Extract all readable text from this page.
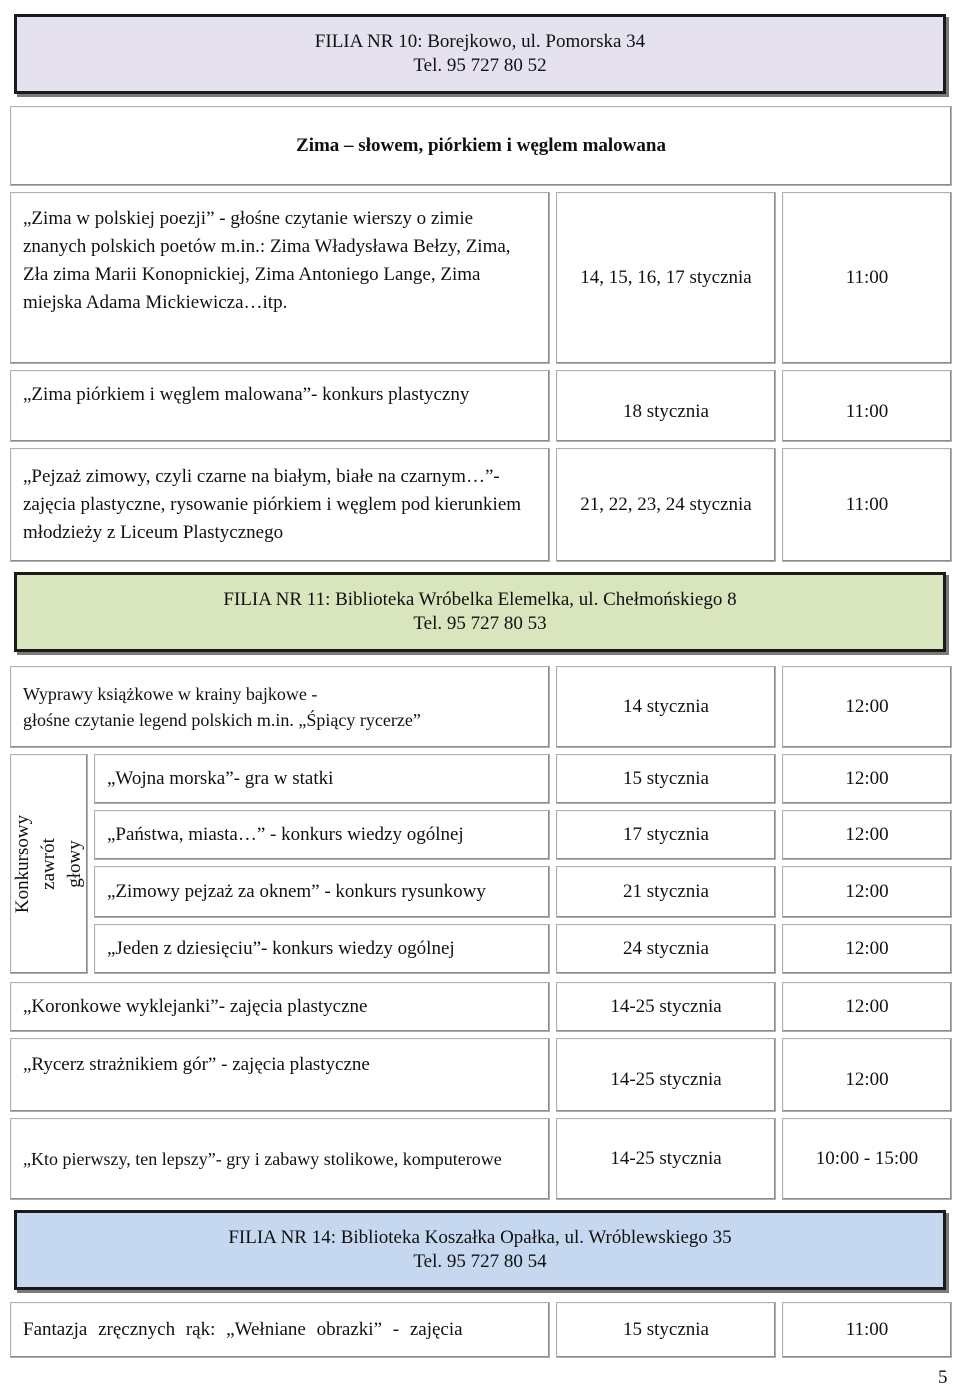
FILIA NR 10: Borejkowo, ul. Pomorska 34
Tel. 95 727 80 52
Zima – słowem, piórkiem i węglem malowana
„Zima w polskiej poezji” - głośne czytanie wierszy o zimie znanych polskich poetów m.in.: Zima Władysława Bełzy, Zima, Zła zima Marii Konopnickiej, Zima Antoniego Lange, Zima miejska Adama Mickiewicza…itp.
14, 15, 16, 17 stycznia	11:00
„Zima piórkiem i węglem malowana”- konkurs plastyczny
18 stycznia	11:00
„Pejzaż zimowy, czyli czarne na białym, białe na czarnym…”- zajęcia plastyczne, rysowanie piórkiem i węglem pod kierunkiem młodzieży z Liceum Plastycznego
21, 22, 23, 24 stycznia	11:00
FILIA NR 11: Biblioteka Wróbelka Elemelka, ul. Chełmońskiego 8
Tel. 95 727 80 53
Wyprawy książkowe w krainy bajkowe -
głośne czytanie legend polskich m.in. „Śpiący rycerze”
14 stycznia	12:00
Konkursowy zawrót głowy
„Wojna morska”- gra w statki	15 stycznia	12:00
„Państwa, miasta…” - konkurs wiedzy ogólnej	17 stycznia	12:00
„Zimowy pejzaż za oknem” - konkurs rysunkowy	21 stycznia	12:00
„Jeden z dziesięciu”- konkurs wiedzy ogólnej	24 stycznia	12:00
„Koronkowe wyklejanki”- zajęcia plastyczne	14-25 stycznia	12:00
„Rycerz strażnikiem gór” - zajęcia plastyczne
14-25 stycznia	12:00
„Kto pierwszy, ten lepszy”- gry i zabawy stolikowe, komputerowe	14-25 stycznia	10:00 - 15:00
FILIA NR 14: Biblioteka Koszałka Opałka, ul. Wróblewskiego 35
Tel. 95 727 80 54
Fantazja zręcznych rąk: „Wełniane obrazki” - zajęcia	15 stycznia	11:00
5
